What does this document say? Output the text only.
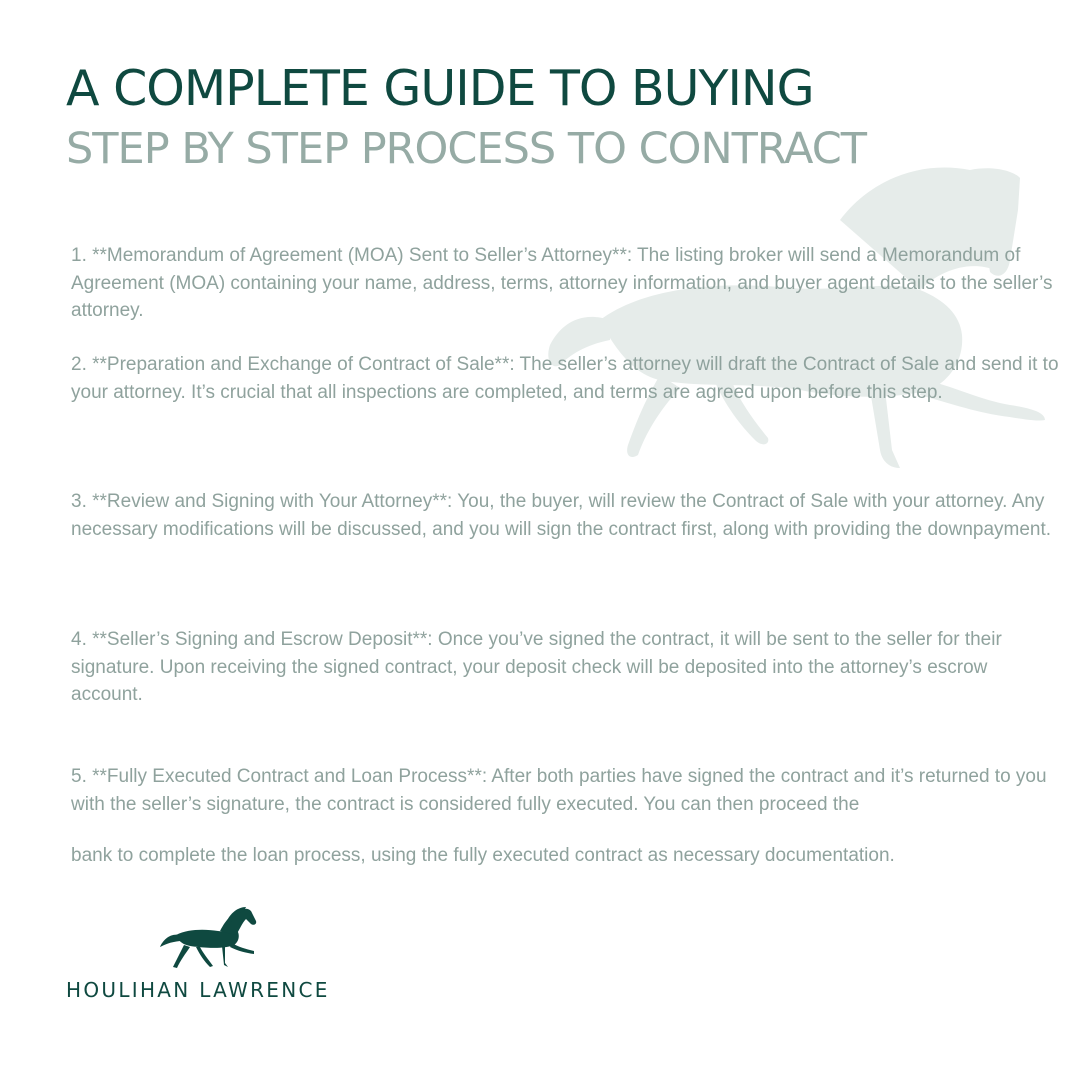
A COMPLETE GUIDE TO BUYING
STEP BY STEP PROCESS TO CONTRACT

1. **Memorandum of Agreement (MOA) Sent to Seller’s Attorney**: The listing broker will send a Memorandum of Agreement (MOA) containing your name, address, terms, attorney information, and buyer agent details to the seller’s attorney.

2. **Preparation and Exchange of Contract of Sale**: The seller’s attorney will draft the Contract of Sale and send it to your attorney. It’s crucial that all inspections are completed, and terms are agreed upon before this step.

3. **Review and Signing with Your Attorney**: You, the buyer, will review the Contract of Sale with your attorney. Any necessary modifications will be discussed, and you will sign the contract first, along with providing the downpayment.

4. **Seller’s Signing and Escrow Deposit**: Once you’ve signed the contract, it will be sent to the seller for their signature. Upon receiving the signed contract, your deposit check will be deposited into the attorney’s escrow account.

5. **Fully Executed Contract and Loan Process**: After both parties have signed the contract and it’s returned to you with the seller’s signature, the contract is considered fully executed. You can then proceed the

bank to complete the loan process, using the fully executed contract as necessary documentation.

HOULIHAN LAWRENCE
